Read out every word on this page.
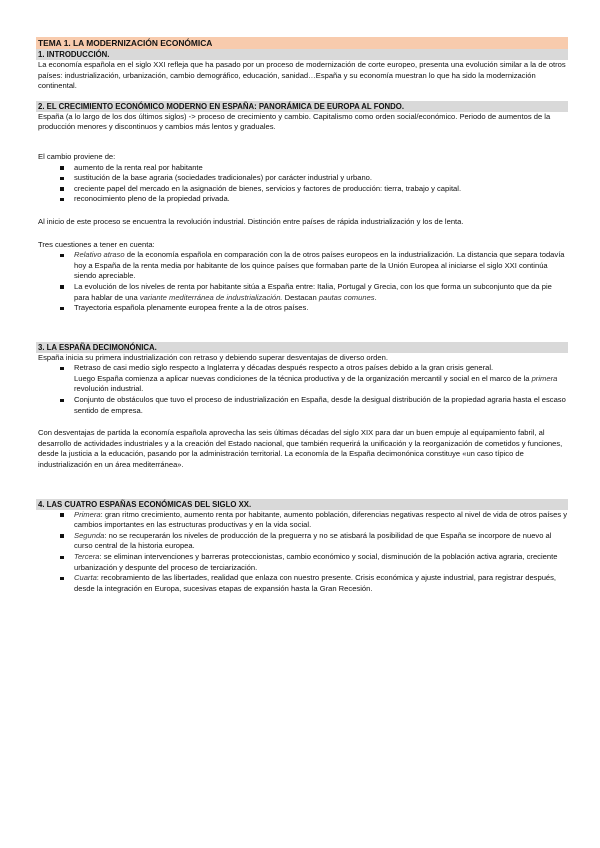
TEMA 1. LA MODERNIZACIÓN ECONÓMICA
1. INTRODUCCIÓN.

La economía española en el siglo XXI refleja que ha pasado por un proceso de modernización de corte europeo, presenta una evolución similar a la de otros países: industrialización, urbanización, cambio demográfico, educación, sanidad…España y su economía muestran lo que ha sido la modernización continental.

2. EL CRECIMIENTO ECONÓMICO MODERNO EN ESPAÑA: PANORÁMICA DE EUROPA AL FONDO.

España (a lo largo de los dos últimos siglos) -> proceso de crecimiento y cambio. Capitalismo como orden social/económico. Periodo de aumentos de la producción menores y discontinuos y cambios más lentos y graduales.

El cambio proviene de:

aumento de la renta real por habitante
sustitución de la base agraria (sociedades tradicionales) por carácter industrial y urbano.
creciente papel del mercado en la asignación de bienes, servicios y factores de producción: tierra, trabajo y capital.
reconocimiento pleno de la propiedad privada.

Al inicio de este proceso se encuentra la revolución industrial. Distinción entre países de rápida industrialización y los de lenta.

Tres cuestiones a tener en cuenta:

Relativo atraso de la economía española en comparación con la de otros países europeos en la industrialización. La distancia que separa todavía hoy a España de la renta media por habitante de los quince países que formaban parte de la Unión Europea al iniciarse el siglo XXI continúa siendo apreciable.
La evolución de los niveles de renta por habitante sitúa a España entre: Italia, Portugal y Grecia, con los que forma un subconjunto que da pie para hablar de una variante mediterránea de industrialización. Destacan pautas comunes.
Trayectoria española plenamente europea frente a la de otros países.
3. LA ESPAÑA DECIMONÓNICA.

España inicia su primera industrialización con retraso y debiendo superar desventajas de diverso orden.

Retraso de casi medio siglo respecto a Inglaterra y décadas después respecto a otros países debido a la gran crisis general.
Luego España comienza a aplicar nuevas condiciones de la técnica productiva y de la organización mercantil y social en el marco de la primera revolución industrial.
Conjunto de obstáculos que tuvo el proceso de industrialización en España, desde la desigual distribución de la propiedad agraria hasta el escaso sentido de empresa.

Con desventajas de partida la economía española aprovecha las seis últimas décadas del siglo XIX para dar un buen empuje al equipamiento fabril, al desarrollo de actividades industriales y a la creación del Estado nacional, que también requerirá la unificación y la reorganización de cometidos y funciones, desde la justicia a la educación, pasando por la administración territorial. La economía de la España decimonónica constituye «un caso típico de industrialización en un área mediterránea».

4. LAS CUATRO ESPAÑAS ECONÓMICAS DEL SIGLO XX.
Primera: gran ritmo crecimiento, aumento renta por habitante, aumento población, diferencias negativas respecto al nivel de vida de otros países y cambios importantes en las estructuras productivas y en la vida social.
Segunda: no se recuperarán los niveles de producción de la preguerra y no se atisbará la posibilidad de que España se incorpore de nuevo al curso central de la historia europea.
Tercera: se eliminan intervenciones y barreras proteccionistas, cambio económico y social, disminución de la población activa agraria, creciente urbanización y despunte del proceso de terciarización.
Cuarta: recobramiento de las libertades, realidad que enlaza con nuestro presente. Crisis económica y ajuste industrial, para registrar después, desde la integración en Europa, sucesivas etapas de expansión hasta la Gran Recesión.
